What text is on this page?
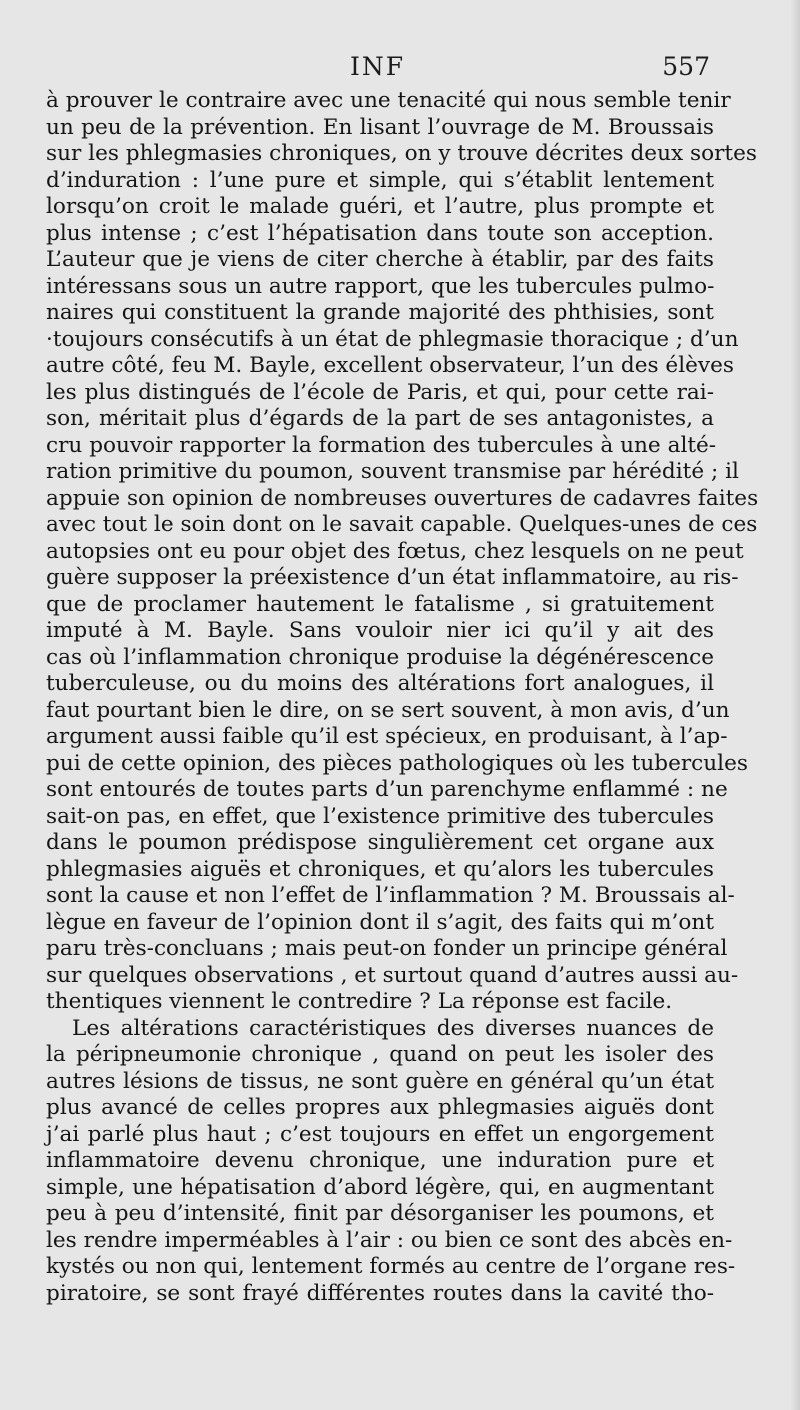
INF	557
à prouver le contraire avec une tenacité qui nous semble tenir
un peu de la prévention. En lisant l’ouvrage de M. Broussais
sur les phlegmasies chroniques, on y trouve décrites deux sortes
d’induration : l’une pure et simple, qui s’établit lentement
lorsqu’on croit le malade guéri, et l’autre, plus prompte et
plus intense ; c’est l’hépatisation dans toute son acception.
L’auteur que je viens de citer cherche à établir, par des faits
intéressans sous un autre rapport, que les tubercules pulmo-
naires qui constituent la grande majorité des phthisies, sont
·toujours consécutifs à un état de phlegmasie thoracique ; d’un
autre côté, feu M. Bayle, excellent observateur, l’un des élèves
les plus distingués de l’école de Paris, et qui, pour cette rai-
son, méritait plus d’égards de la part de ses antagonistes, a
cru pouvoir rapporter la formation des tubercules à une alté-
ration primitive du poumon, souvent transmise par hérédité ; il
appuie son opinion de nombreuses ouvertures de cadavres faites
avec tout le soin dont on le savait capable. Quelques-unes de ces
autopsies ont eu pour objet des fœtus, chez lesquels on ne peut
guère supposer la préexistence d’un état inflammatoire, au ris-
que de proclamer hautement le fatalisme , si gratuitement
imputé à M. Bayle. Sans vouloir nier ici qu’il y ait des
cas où l’inflammation chronique produise la dégénérescence
tuberculeuse, ou du moins des altérations fort analogues, il
faut pourtant bien le dire, on se sert souvent, à mon avis, d’un
argument aussi faible qu’il est spécieux, en produisant, à l’ap-
pui de cette opinion, des pièces pathologiques où les tubercules
sont entourés de toutes parts d’un parenchyme enflammé : ne
sait-on pas, en effet, que l’existence primitive des tubercules
dans le poumon prédispose singulièrement cet organe aux
phlegmasies aiguës et chroniques, et qu’alors les tubercules
sont la cause et non l’effet de l’inflammation ? M. Broussais al-
lègue en faveur de l’opinion dont il s’agit, des faits qui m’ont
paru très-concluans ; mais peut-on fonder un principe général
sur quelques observations , et surtout quand d’autres aussi au-
thentiques viennent le contredire ? La réponse est facile.
Les altérations caractéristiques des diverses nuances de
la péripneumonie chronique , quand on peut les isoler des
autres lésions de tissus, ne sont guère en général qu’un état
plus avancé de celles propres aux phlegmasies aiguës dont
j’ai parlé plus haut ; c’est toujours en effet un engorgement
inflammatoire devenu chronique, une induration pure et
simple, une hépatisation d’abord légère, qui, en augmentant
peu à peu d’intensité, finit par désorganiser les poumons, et
les rendre imperméables à l’air : ou bien ce sont des abcès en-
kystés ou non qui, lentement formés au centre de l’organe res-
piratoire, se sont frayé différentes routes dans la cavité tho-
